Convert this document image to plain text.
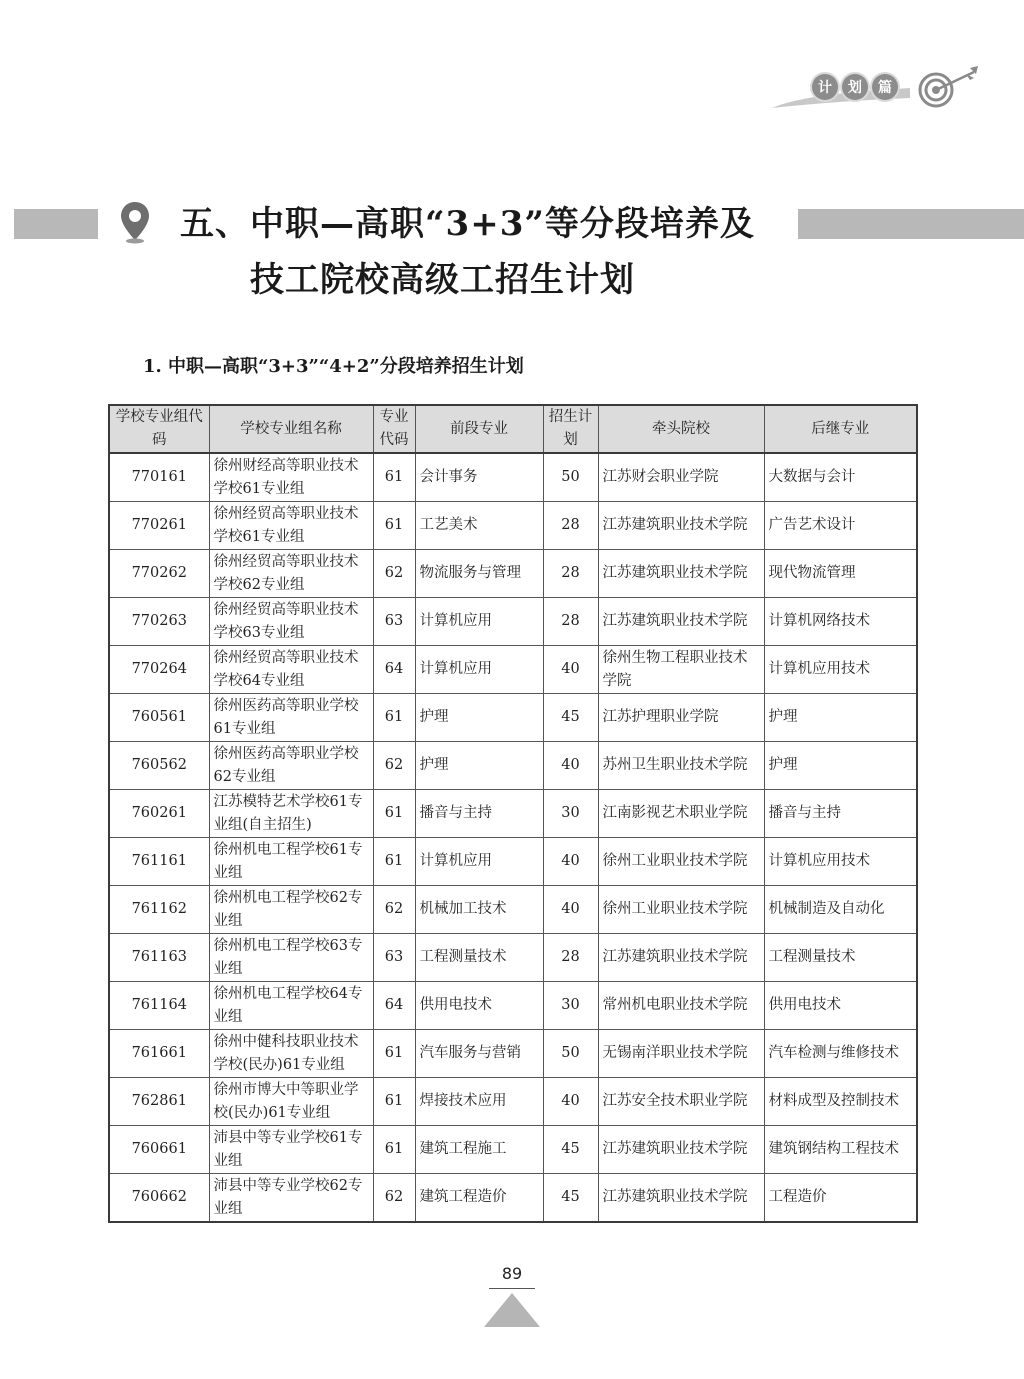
计	划	篇
五、中职—高职“3+3”等分段培养及
技工院校高级工招生计划
1. 中职—高职“3+3”“4+2”分段培养招生计划
学校专业组代码	学校专业组名称	专业代码	前段专业	招生计划	牵头院校	后继专业
770161	徐州财经高等职业技术学校61专业组	61	会计事务	50	江苏财会职业学院	大数据与会计
770261	徐州经贸高等职业技术学校61专业组	61	工艺美术	28	江苏建筑职业技术学院	广告艺术设计
770262	徐州经贸高等职业技术学校62专业组	62	物流服务与管理	28	江苏建筑职业技术学院	现代物流管理
770263	徐州经贸高等职业技术学校63专业组	63	计算机应用	28	江苏建筑职业技术学院	计算机网络技术
770264	徐州经贸高等职业技术学校64专业组	64	计算机应用	40	徐州生物工程职业技术学院	计算机应用技术
760561	徐州医药高等职业学校61专业组	61	护理	45	江苏护理职业学院	护理
760562	徐州医药高等职业学校62专业组	62	护理	40	苏州卫生职业技术学院	护理
760261	江苏模特艺术学校61专业组(自主招生)	61	播音与主持	30	江南影视艺术职业学院	播音与主持
761161	徐州机电工程学校61专业组	61	计算机应用	40	徐州工业职业技术学院	计算机应用技术
761162	徐州机电工程学校62专业组	62	机械加工技术	40	徐州工业职业技术学院	机械制造及自动化
761163	徐州机电工程学校63专业组	63	工程测量技术	28	江苏建筑职业技术学院	工程测量技术
761164	徐州机电工程学校64专业组	64	供用电技术	30	常州机电职业技术学院	供用电技术
761661	徐州中健科技职业技术学校(民办)61专业组	61	汽车服务与营销	50	无锡南洋职业技术学院	汽车检测与维修技术
762861	徐州市博大中等职业学校(民办)61专业组	61	焊接技术应用	40	江苏安全技术职业学院	材料成型及控制技术
760661	沛县中等专业学校61专业组	61	建筑工程施工	45	江苏建筑职业技术学院	建筑钢结构工程技术
760662	沛县中等专业学校62专业组	62	建筑工程造价	45	江苏建筑职业技术学院	工程造价
89
